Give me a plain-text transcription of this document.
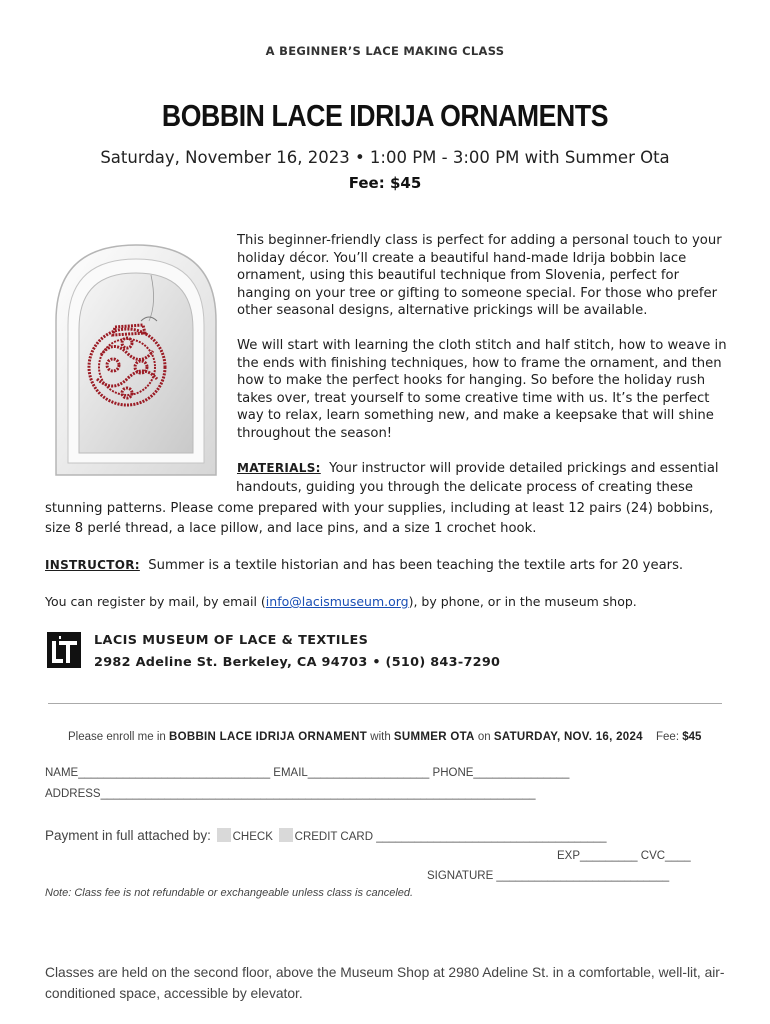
A BEGINNER’S LACE MAKING CLASS
BOBBIN LACE IDRIJA ORNAMENTS
Saturday, November 16, 2023 • 1:00 PM - 3:00 PM with Summer Ota
Fee: $45
This beginner-friendly class is perfect for adding a personal touch to your holiday décor. You’ll create a beautiful hand-made Idrija bobbin lace ornament, using this beautiful technique from Slovenia, perfect for hanging on your tree or gifting to someone special. For those who prefer other seasonal designs, alternative prickings will be available.
We will start with learning the cloth stitch and half stitch, how to weave in the ends with finishing techniques, how to frame the ornament, and then how to make the perfect hooks for hanging. So before the holiday rush takes over, treat yourself to some creative time with us. It’s the perfect way to relax, learn something new, and make a keepsake that will shine throughout the season!
MATERIALS: Your instructor will provide detailed prickings and essential
handouts, guiding you through the delicate process of creating these
stunning patterns. Please come prepared with your supplies, including at least 12 pairs (24) bobbins, size 8 perlé thread, a lace pillow, and lace pins, and a size 1 crochet hook.
INSTRUCTOR: Summer is a textile historian and has been teaching the textile arts for 20 years.
You can register by mail, by email (info@lacismuseum.org), by phone, or in the museum shop.
LACIS MUSEUM OF LACE & TEXTILES
2982 Adeline St. Berkeley, CA 94703 • (510) 843-7290
Please enroll me in BOBBIN LACE IDRIJA ORNAMENT with SUMMER OTA on SATURDAY, NOV. 16, 2024 Fee: $45
NAME______________________________ EMAIL___________________ PHONE_______________
ADDRESS____________________________________________________________________
Payment in full attached by: CHECK CREDIT CARD ____________________________________
EXP_________ CVC____
SIGNATURE ___________________________
Note: Class fee is not refundable or exchangeable unless class is canceled.
Classes are held on the second floor, above the Museum Shop at 2980 Adeline St. in a comfortable, well-lit, air-conditioned space, accessible by elevator.
